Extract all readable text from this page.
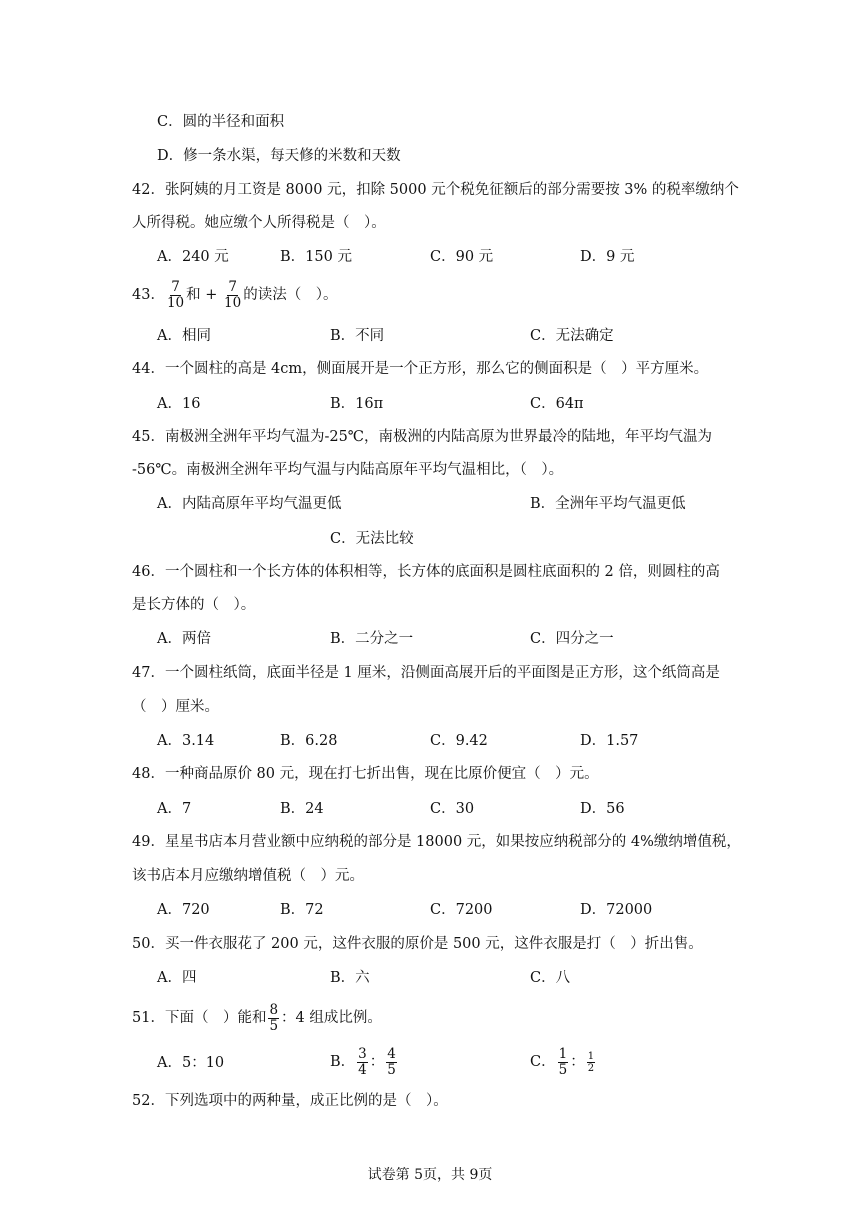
C．圆的半径和面积
D．修一条水渠，每天修的米数和天数
42．张阿姨的月工资是 8000 元，扣除 5000 元个税免征额后的部分需要按 3% 的税率缴纳个
人所得税。她应缴个人所得税是（　）。
A．240 元	B．150 元	C．90 元	D．9 元
43． $\frac{7}{10}$ 和 + $\frac{7}{10}$ 的读法（　）。
A．相同	B．不同	C．无法确定
44．一个圆柱的高是 4cm，侧面展开是一个正方形，那么它的侧面积是（　）平方厘米。
A．16	B．16π	C．64π
45．南极洲全洲年平均气温为-25℃，南极洲的内陆高原为世界最冷的陆地，年平均气温为
-56℃。南极洲全洲年平均气温与内陆高原年平均气温相比，（　）。
A．内陆高原年平均气温更低	B．全洲年平均气温更低
C．无法比较
46．一个圆柱和一个长方体的体积相等，长方体的底面积是圆柱底面积的 2 倍，则圆柱的高
是长方体的（　）。
A．两倍	B．二分之一	C．四分之一
47．一个圆柱纸筒，底面半径是 1 厘米，沿侧面高展开后的平面图是正方形，这个纸筒高是
（　）厘米。
A．3.14	B．6.28	C．9.42	D．1.57
48．一种商品原价 80 元，现在打七折出售，现在比原价便宜（　）元。
A．7	B．24	C．30	D．56
49．星星书店本月营业额中应纳税的部分是 18000 元，如果按应纳税部分的 4%缴纳增值税，
该书店本月应缴纳增值税（　）元。
A．720	B．72	C．7200	D．72000
50．买一件衣服花了 200 元，这件衣服的原价是 500 元，这件衣服是打（　）折出售。
A．四	B．六	C．八
51．下面（　）能和 $\frac{8}{5}$ ：4 组成比例。
A．5：10	B． $\frac{3}{4}$ ： $\frac{4}{5}$	C． $\frac{1}{5}$ ： $\frac{1}{2}$
52．下列选项中的两种量，成正比例的是（　）。
试卷第 5页，共 9页
